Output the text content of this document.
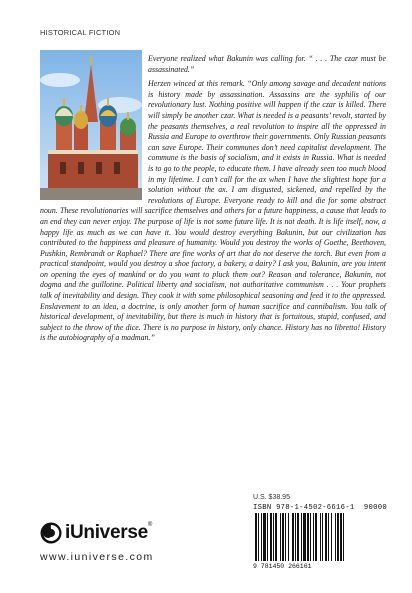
HISTORICAL FICTION

Everyone realized what Bakunin was calling for. “ . . . The czar must be assassinated.”

Herzen winced at this remark. “Only among savage and decadent nations is history made by assassination. Assassins are the syphilis of our revolutionary lust. Nothing positive will happen if the czar is killed. There will simply be another czar. What is needed is a peasants’ revolt, started by the peasants themselves, a real revolution to inspire all the oppressed in Russia and Europe to overthrow their governments. Only Russian peasants can save Europe. Their communes don’t need capitalist development. The commune is the basis of socialism, and it exists in Russia. What is needed is to go to the people, to educate them. I have already seen too much blood in my lifetime. I can’t call for the ax when I have the slightest hope for a solution without the ax. I am disgusted, sickened, and repelled by the revolutions of Europe. Everyone ready to kill and die for some abstract noun. These revolutionaries will sacrifice themselves and others for a future happiness, a cause that leads to an end they can never enjoy. The purpose of life is not some future life. It is not death. It is life itself, now, a happy life as much as we can have it. You would destroy everything Bakunin, but our civilization has contributed to the happiness and pleasure of humanity. Would you destroy the works of Goethe, Beethoven, Pushkin, Rembrandt or Raphael? There are fine works of art that do not deserve the torch. But even from a practical standpoint, would you destroy a shoe factory, a bakery, a dairy? I ask you, Bakunin, are you intent on opening the eyes of mankind or do you want to pluck them out? Reason and tolerance, Bakunin, not dogma and the guillotine. Political liberty and socialism, not authoritative communism . . . Your prophets talk of inevitability and design. They cook it with some philosophical seasoning and feed it to the oppressed. Enslavement to an idea, a doctrine, is only another form of human sacrifice and cannibalism. You talk of historical development, of inevitability, but there is much in history that is fortuitous, stupid, confused, and subject to the throw of the dice. There is no purpose in history, only chance. History has no libretto! History is the autobiography of a madman.”

U.S. $38.95
ISBN 978-1-4502-6616-1 90000
9 781450 266161
iUniverse®
www.iuniverse.com
